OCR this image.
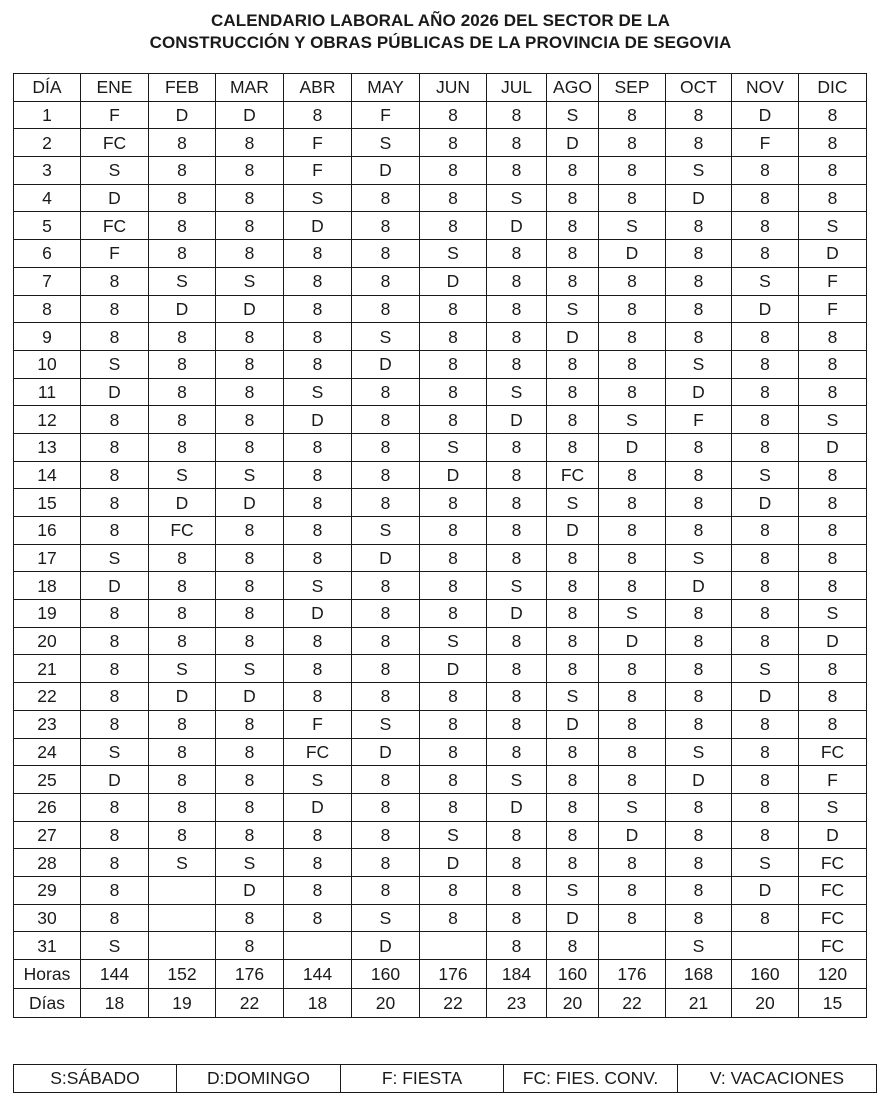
CALENDARIO LABORAL AÑO 2026 DEL SECTOR DE LA
CONSTRUCCIÓN Y OBRAS PÚBLICAS DE LA PROVINCIA DE SEGOVIA
DÍA	ENE	FEB	MAR	ABR	MAY	JUN	JUL	AGO	SEP	OCT	NOV	DIC
1	F	D	D	8	F	8	8	S	8	8	D	8
2	FC	8	8	F	S	8	8	D	8	8	F	8
3	S	8	8	F	D	8	8	8	8	S	8	8
4	D	8	8	S	8	8	S	8	8	D	8	8
5	FC	8	8	D	8	8	D	8	S	8	8	S
6	F	8	8	8	8	S	8	8	D	8	8	D
7	8	S	S	8	8	D	8	8	8	8	S	F
8	8	D	D	8	8	8	8	S	8	8	D	F
9	8	8	8	8	S	8	8	D	8	8	8	8
10	S	8	8	8	D	8	8	8	8	S	8	8
11	D	8	8	S	8	8	S	8	8	D	8	8
12	8	8	8	D	8	8	D	8	S	F	8	S
13	8	8	8	8	8	S	8	8	D	8	8	D
14	8	S	S	8	8	D	8	FC	8	8	S	8
15	8	D	D	8	8	8	8	S	8	8	D	8
16	8	FC	8	8	S	8	8	D	8	8	8	8
17	S	8	8	8	D	8	8	8	8	S	8	8
18	D	8	8	S	8	8	S	8	8	D	8	8
19	8	8	8	D	8	8	D	8	S	8	8	S
20	8	8	8	8	8	S	8	8	D	8	8	D
21	8	S	S	8	8	D	8	8	8	8	S	8
22	8	D	D	8	8	8	8	S	8	8	D	8
23	8	8	8	F	S	8	8	D	8	8	8	8
24	S	8	8	FC	D	8	8	8	8	S	8	FC
25	D	8	8	S	8	8	S	8	8	D	8	F
26	8	8	8	D	8	8	D	8	S	8	8	S
27	8	8	8	8	8	S	8	8	D	8	8	D
28	8	S	S	8	8	D	8	8	8	8	S	FC
29	8		D	8	8	8	8	S	8	8	D	FC
30	8		8	8	S	8	8	D	8	8	8	FC
31	S		8		D		8	8		S		FC
Horas	144	152	176	144	160	176	184	160	176	168	160	120
Días	18	19	22	18	20	22	23	20	22	21	20	15
S:SÁBADO	D:DOMINGO	F: FIESTA	FC: FIES. CONV.	V: VACACIONES
